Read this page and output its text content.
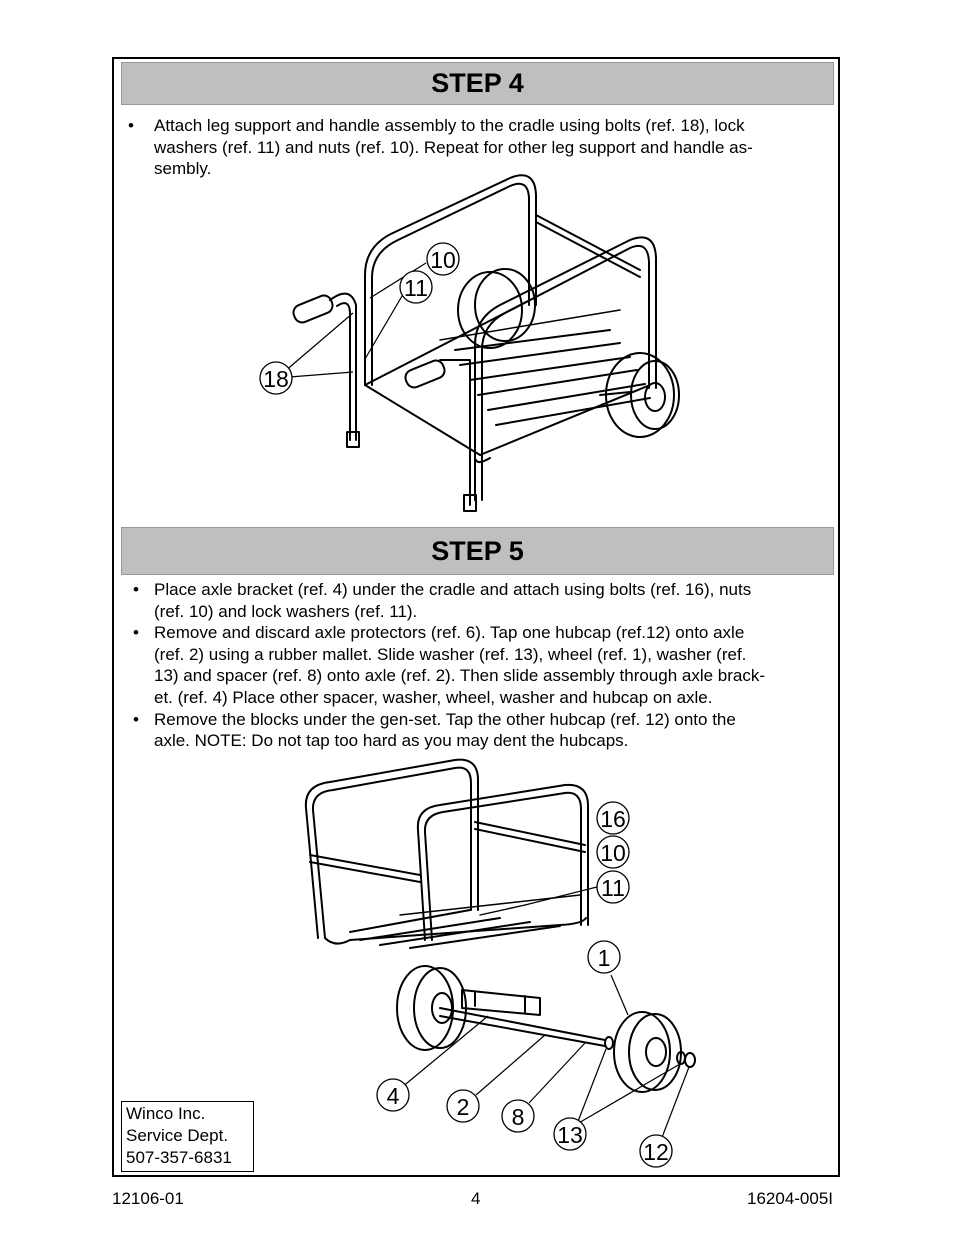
STEP 4
•	Attach leg support and handle assembly to the cradle using bolts (ref. 18), lock
washers (ref. 11) and nuts (ref. 10). Repeat for other leg support and handle as-
sembly.
10
11
18
STEP 5
• Place axle bracket (ref. 4) under the cradle and attach using bolts (ref. 16), nuts
(ref. 10) and lock washers (ref. 11).
• Remove and discard axle protectors (ref. 6). Tap one hubcap (ref.12) onto axle
(ref. 2) using a rubber mallet. Slide washer (ref. 13), wheel (ref. 1), washer (ref.
13) and spacer (ref. 8) onto axle (ref. 2). Then slide assembly through axle brack-
et. (ref. 4) Place other spacer, washer, wheel, washer and hubcap on axle.
• Remove the blocks under the gen-set. Tap the other hubcap (ref. 12) onto the
axle. NOTE: Do not tap too hard as you may dent the hubcaps.
16
10
11
1
4 2 8
13
12
Winco Inc.
Service Dept.
507-357-6831
12106-01	4	16204-005I
